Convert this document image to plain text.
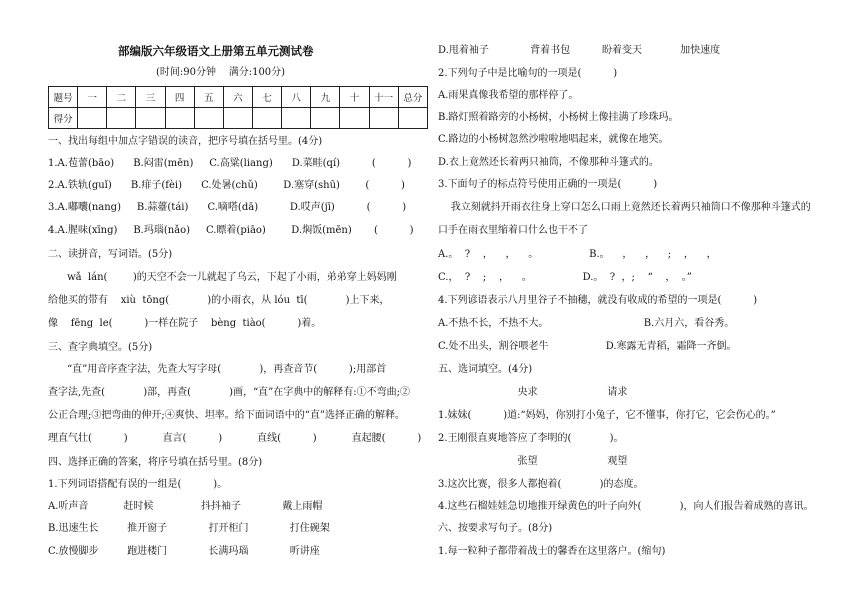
部编版六年级语文上册第五单元测试卷
(时间:90分钟    满分:100分)
题号	一	二	三	四	五	六	七	八	九	十	十一	总分
得分												
一、找出每组中加点字错误的读音，把序号填在括号里。(4分)
1.A.苞蕾(bāo)      B.闷雷(mēn)     C.高粱(liang)      D.菜畦(qí)          (          )
2.A.铁轨(guǐ)      B.痱子(fèi)      C.处暑(chǔ)        D.塞穿(shū)        (          )
3.A.嘟囔(nang)     B.蒜薹(tái)      C.嘀嗒(dā)          D.哎声(jī)          (          )
4.A.腥味(xīng)     B.玛瑙(nǎo)     C.瞟着(piāo)        D.焖饭(mēn)       (          )
二、读拼音，写词语。(5分)
wǎ  lán(        )的天空不会一儿就起了乌云，下起了小雨，弟弟穿上妈妈刚
给他买的带有    xiù  tōng(            )的小雨衣，从 lóu  tī(            )上下来，
像    fēng  le(          )一样在院子    bèng  tiào(          )着。
三、查字典填空。(5分)
“直”用音序查字法，先查大写字母(            )，再查音节(          );用部首
查字法,先查(            )部，再查(            )画，“直”在字典中的解释有:①不弯曲;②
公正合理;③把弯曲的伸开;④爽快、坦率。给下面词语中的“直”选择正确的解释。
理直气壮(          )           直言(          )           直线(          )           直起腰(          )
四、选择正确的答案，将序号填在括号里。(8分)
1.下列词语搭配有误的一组是(          )。
A.听声音           赶时候               抖抖袖子             戴上雨帽
B.迅速生长         推开窗子             打开柜门             打住碗架
C.放慢脚步         跑进楼门             长满玛瑙             听讲座
D.甩着袖子             背着书包          盼着变天            加快速度
2.下列句子中是比喻句的一项是(          )
A.雨果真像我希望的那样停了。
B.路灯照着路旁的小杨树，小杨树上像挂满了珍珠玛。
C.路边的小杨树忽然沙啦啦地唱起来，就像在地笑。
D.衣上竟然还长着两只袖筒，不像那种斗篷式的。
3.下面句子的标点符号使用正确的一项是(          )
我立刻就抖开雨衣往身上穿口怎么口雨上竟然还长着两只袖筒口不像那种斗篷式的
口手在雨衣里缩着口什么也干不了
A.。  ?    ，    ，    。                B.。    ，    ，    ;    ，    ，
C.，  ?    ;    ，    。                D.。  ?  ，;    “    ，  。”
4.下列谚语表示八月里谷子不抽穗，就没有收成的希望的一项是(          )
A.不热不长，不热不大。                              B.六月六，看谷秀。
C.处不出头，割谷喂老牛                  D.寒露无青稻，霜降一齐倒。
五、选词填空。(4分)
央求                      请求
1.妹妹(          )道:“妈妈，你别打小兔子，它不懂事，你打它，它会伤心的。”
2.王刚很直爽地答应了李明的(            )。
张望                      观望
3.这次比赛，很多人都抱着(            )的态度。
4.这些石榴娃娃急切地推开绿黄色的叶子向外(            )，向人们报告着成熟的喜讯。
六、按要求写句子。(8分)
1.每一粒种子都带着战士的馨香在这里落户。(缩句)
